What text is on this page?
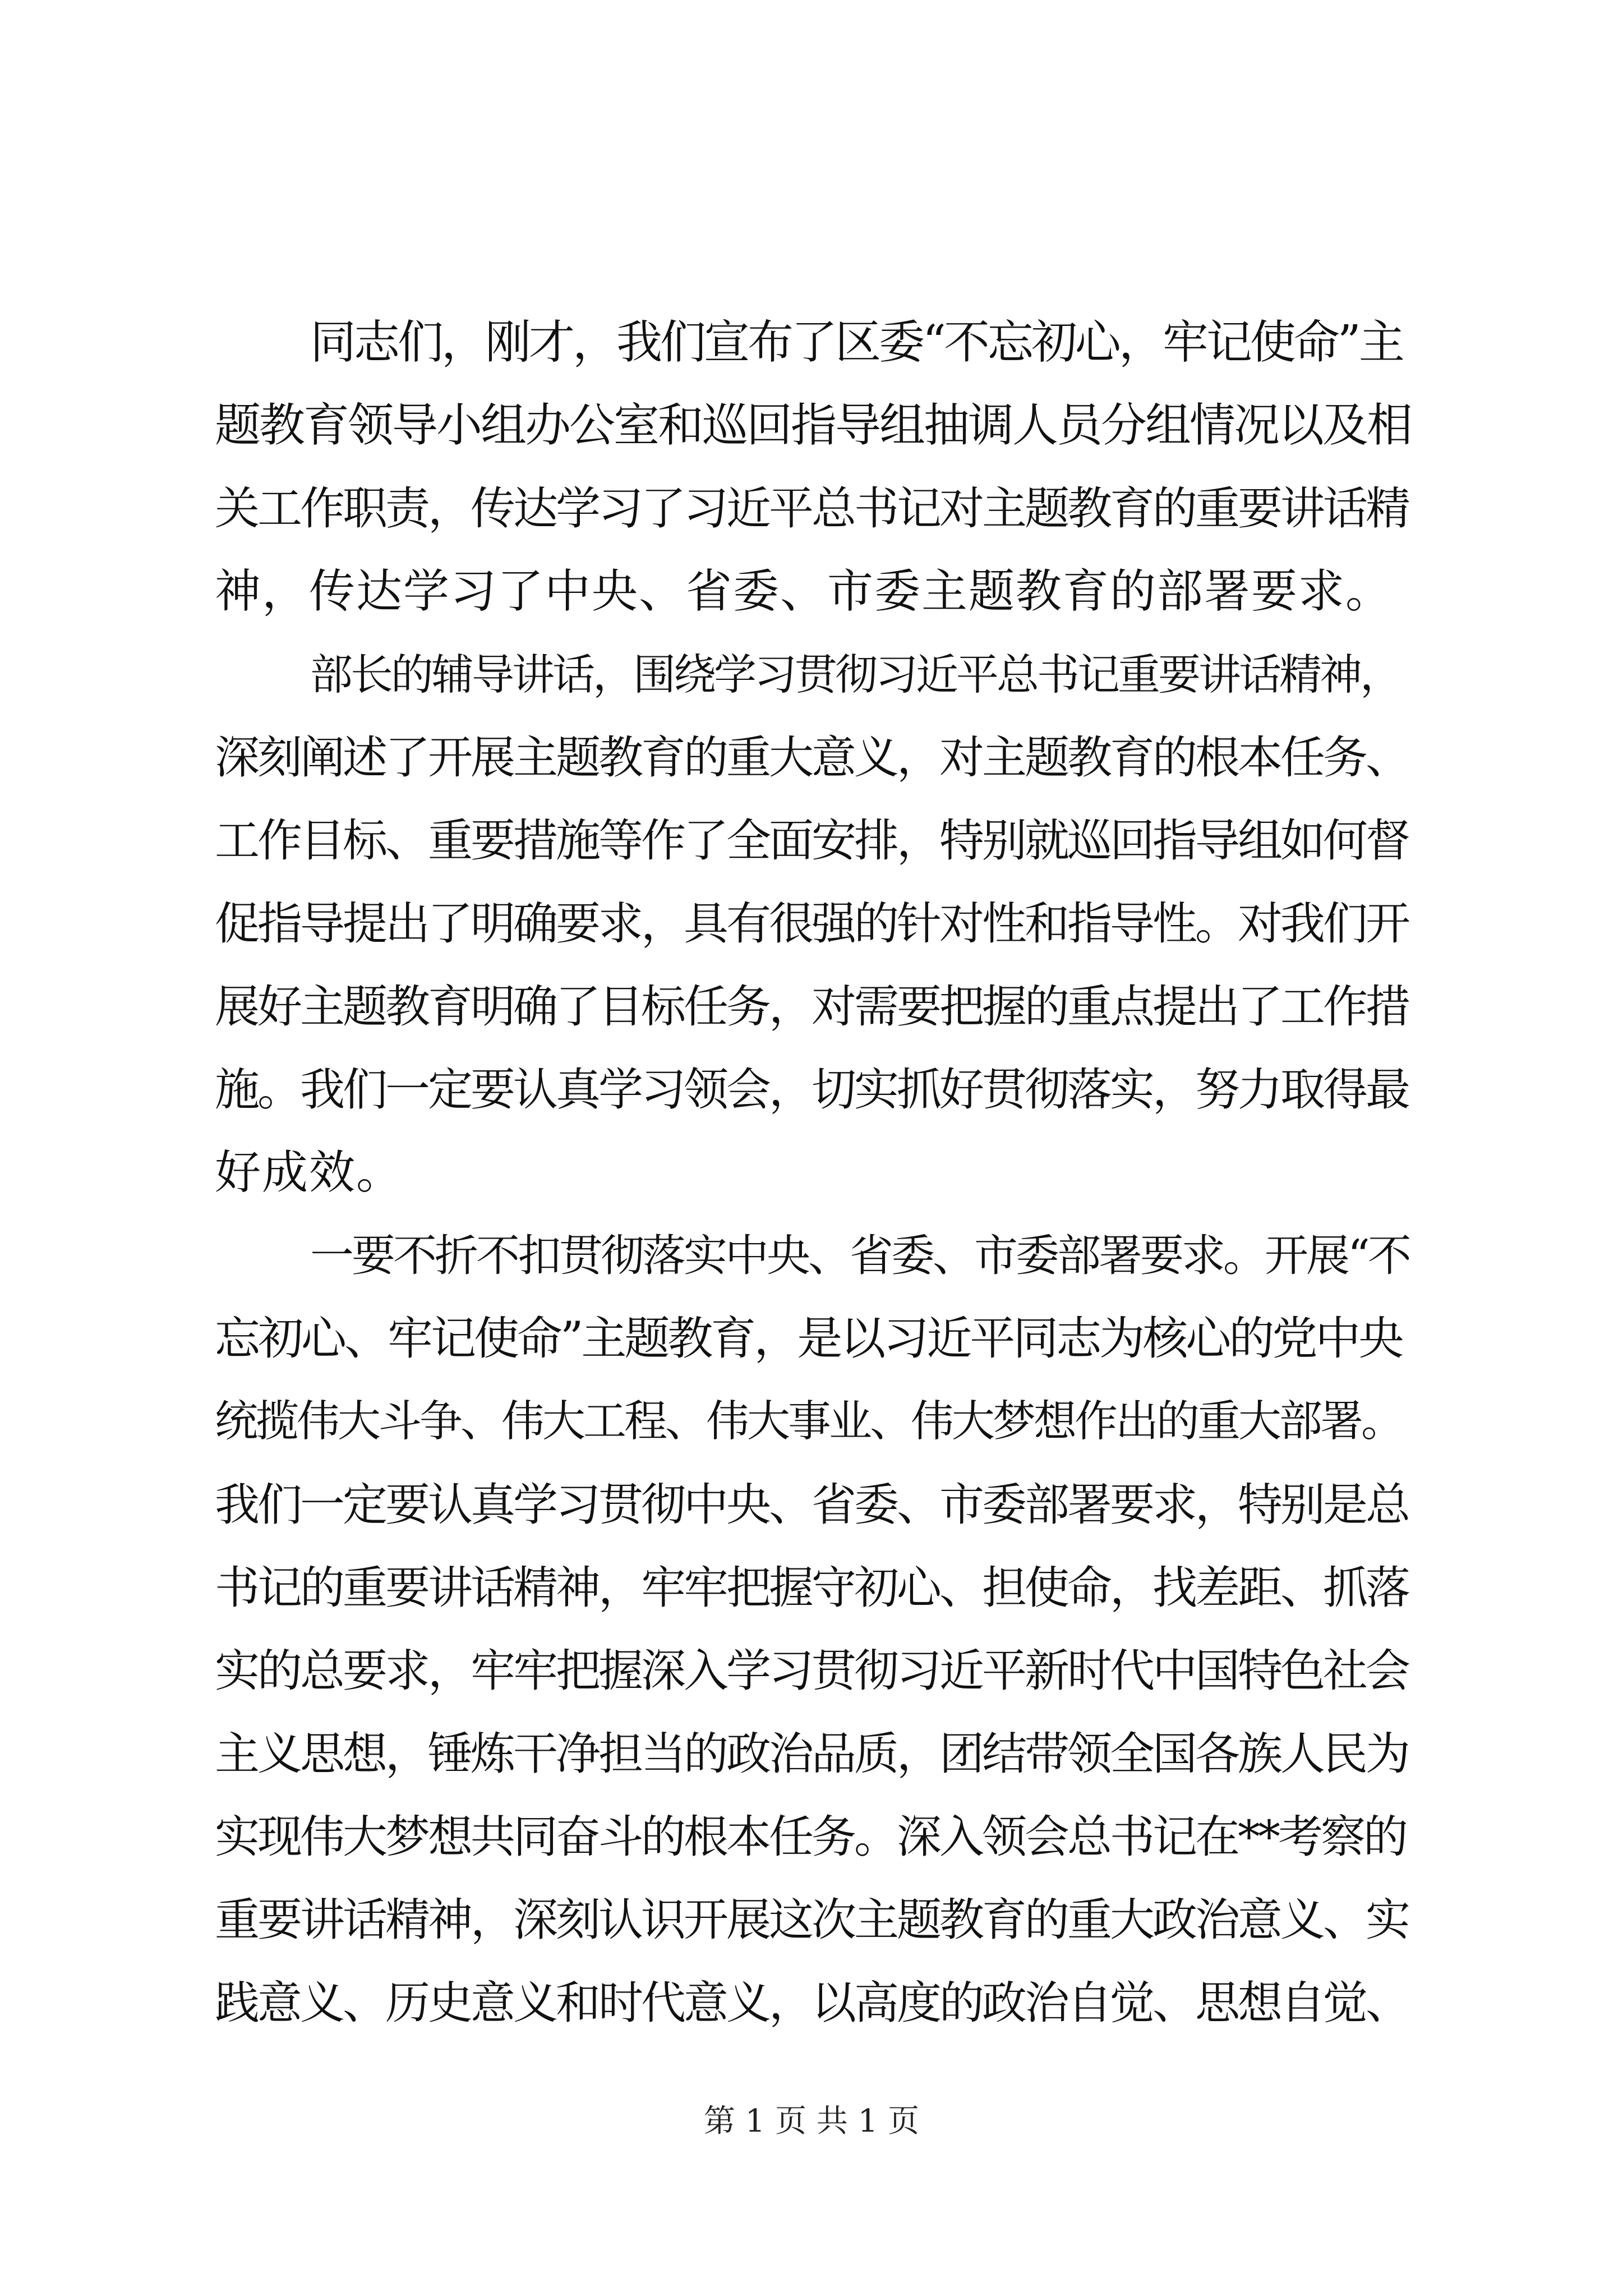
同志们，刚才，我们宣布了区委“不忘初心，牢记使命”主
题教育领导小组办公室和巡回指导组抽调人员分组情况以及相
关工作职责，传达学习了习近平总书记对主题教育的重要讲话精
神，传达学习了中央、省委、市委主题教育的部署要求。
部长的辅导讲话，围绕学习贯彻习近平总书记重要讲话精神，
深刻阐述了开展主题教育的重大意义，对主题教育的根本任务、
工作目标、重要措施等作了全面安排，特别就巡回指导组如何督
促指导提出了明确要求，具有很强的针对性和指导性。对我们开
展好主题教育明确了目标任务，对需要把握的重点提出了工作措
施。我们一定要认真学习领会，切实抓好贯彻落实，努力取得最
好成效。
一要不折不扣贯彻落实中央、省委、市委部署要求。开展“不
忘初心、牢记使命”主题教育，是以习近平同志为核心的党中央
统揽伟大斗争、伟大工程、伟大事业、伟大梦想作出的重大部署。
我们一定要认真学习贯彻中央、省委、市委部署要求，特别是总
书记的重要讲话精神，牢牢把握守初心、担使命，找差距、抓落
实的总要求，牢牢把握深入学习贯彻习近平新时代中国特色社会
主义思想，锤炼干净担当的政治品质，团结带领全国各族人民为
实现伟大梦想共同奋斗的根本任务。深入领会总书记在**考察的
重要讲话精神，深刻认识开展这次主题教育的重大政治意义、实
践意义、历史意义和时代意义，以高度的政治自觉、思想自觉、
第 1 页 共 1 页
